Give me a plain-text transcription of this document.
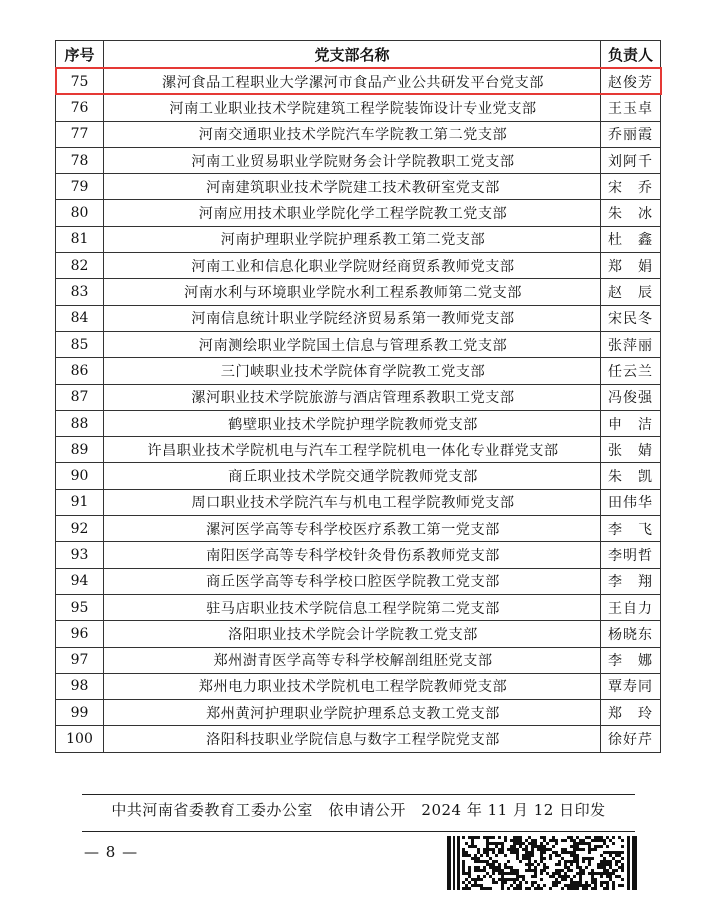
序号	党支部名称	负责人
75	漯河食品工程职业大学漯河市食品产业公共研发平台党支部	赵俊芳
76	河南工业职业技术学院建筑工程学院装饰设计专业党支部	王玉卓
77	河南交通职业技术学院汽车学院教工第二党支部	乔丽霞
78	河南工业贸易职业学院财务会计学院教职工党支部	刘阿千
79	河南建筑职业技术学院建工技术教研室党支部	宋　乔
80	河南应用技术职业学院化学工程学院教工党支部	朱　冰
81	河南护理职业学院护理系教工第二党支部	杜　鑫
82	河南工业和信息化职业学院财经商贸系教师党支部	郑　娟
83	河南水利与环境职业学院水利工程系教师第二党支部	赵　辰
84	河南信息统计职业学院经济贸易系第一教师党支部	宋民冬
85	河南测绘职业学院国土信息与管理系教工党支部	张萍丽
86	三门峡职业技术学院体育学院教工党支部	任云兰
87	漯河职业技术学院旅游与酒店管理系教职工党支部	冯俊强
88	鹤壁职业技术学院护理学院教师党支部	申　洁
89	许昌职业技术学院机电与汽车工程学院机电一体化专业群党支部	张　婧
90	商丘职业技术学院交通学院教师党支部	朱　凯
91	周口职业技术学院汽车与机电工程学院教师党支部	田伟华
92	漯河医学高等专科学校医疗系教工第一党支部	李　飞
93	南阳医学高等专科学校针灸骨伤系教师党支部	李明哲
94	商丘医学高等专科学校口腔医学院教工党支部	李　翔
95	驻马店职业技术学院信息工程学院第二党支部	王自力
96	洛阳职业技术学院会计学院教工党支部	杨晓东
97	郑州澍青医学高等专科学校解剖组胚党支部	李　娜
98	郑州电力职业技术学院机电工程学院教师党支部	覃寿同
99	郑州黄河护理职业学院护理系总支教工党支部	郑　玲
100	洛阳科技职业学院信息与数字工程学院党支部	徐好芹
中共河南省委教育工委办公室　 依申请公开　 2024 年 11 月 12 日印发
— 8 —
